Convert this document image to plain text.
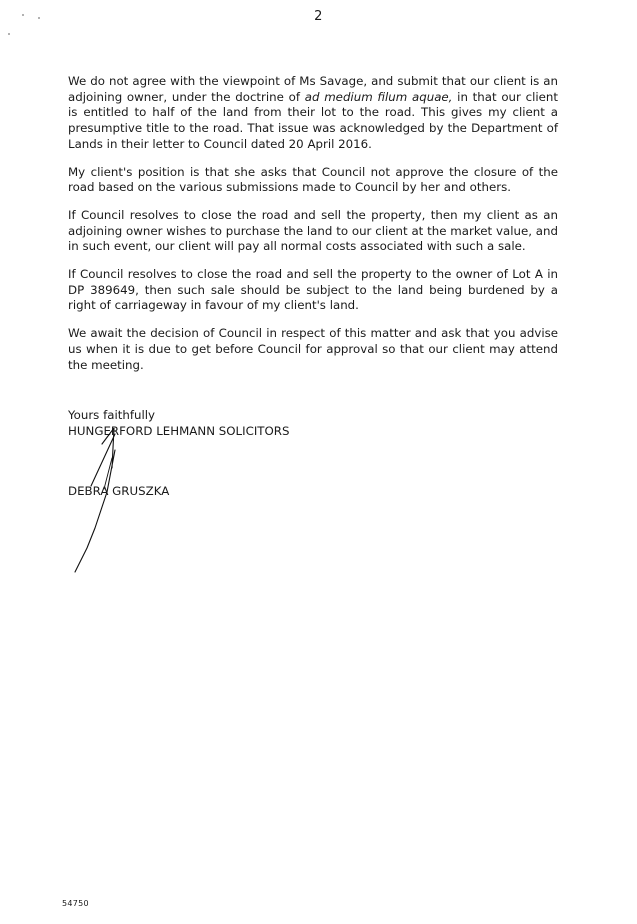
2

We do not agree with the viewpoint of Ms Savage, and submit that our client is an adjoining owner, under the doctrine of ad medium filum aquae, in that our client is entitled to half of the land from their lot to the road. This gives my client a presumptive title to the road. That issue was acknowledged by the Department of Lands in their letter to Council dated 20 April 2016.

My client's position is that she asks that Council not approve the closure of the road based on the various submissions made to Council by her and others.

If Council resolves to close the road and sell the property, then my client as an adjoining owner wishes to purchase the land to our client at the market value, and in such event, our client will pay all normal costs associated with such a sale.

If Council resolves to close the road and sell the property to the owner of Lot A in DP 389649, then such sale should be subject to the land being burdened by a right of carriageway in favour of my client's land.

We await the decision of Council in respect of this matter and ask that you advise us when it is due to get before Council for approval so that our client may attend the meeting.

Yours faithfully
HUNGERFORD LEHMANN SOLICITORS
DEBRA GRUSZKA
54750
